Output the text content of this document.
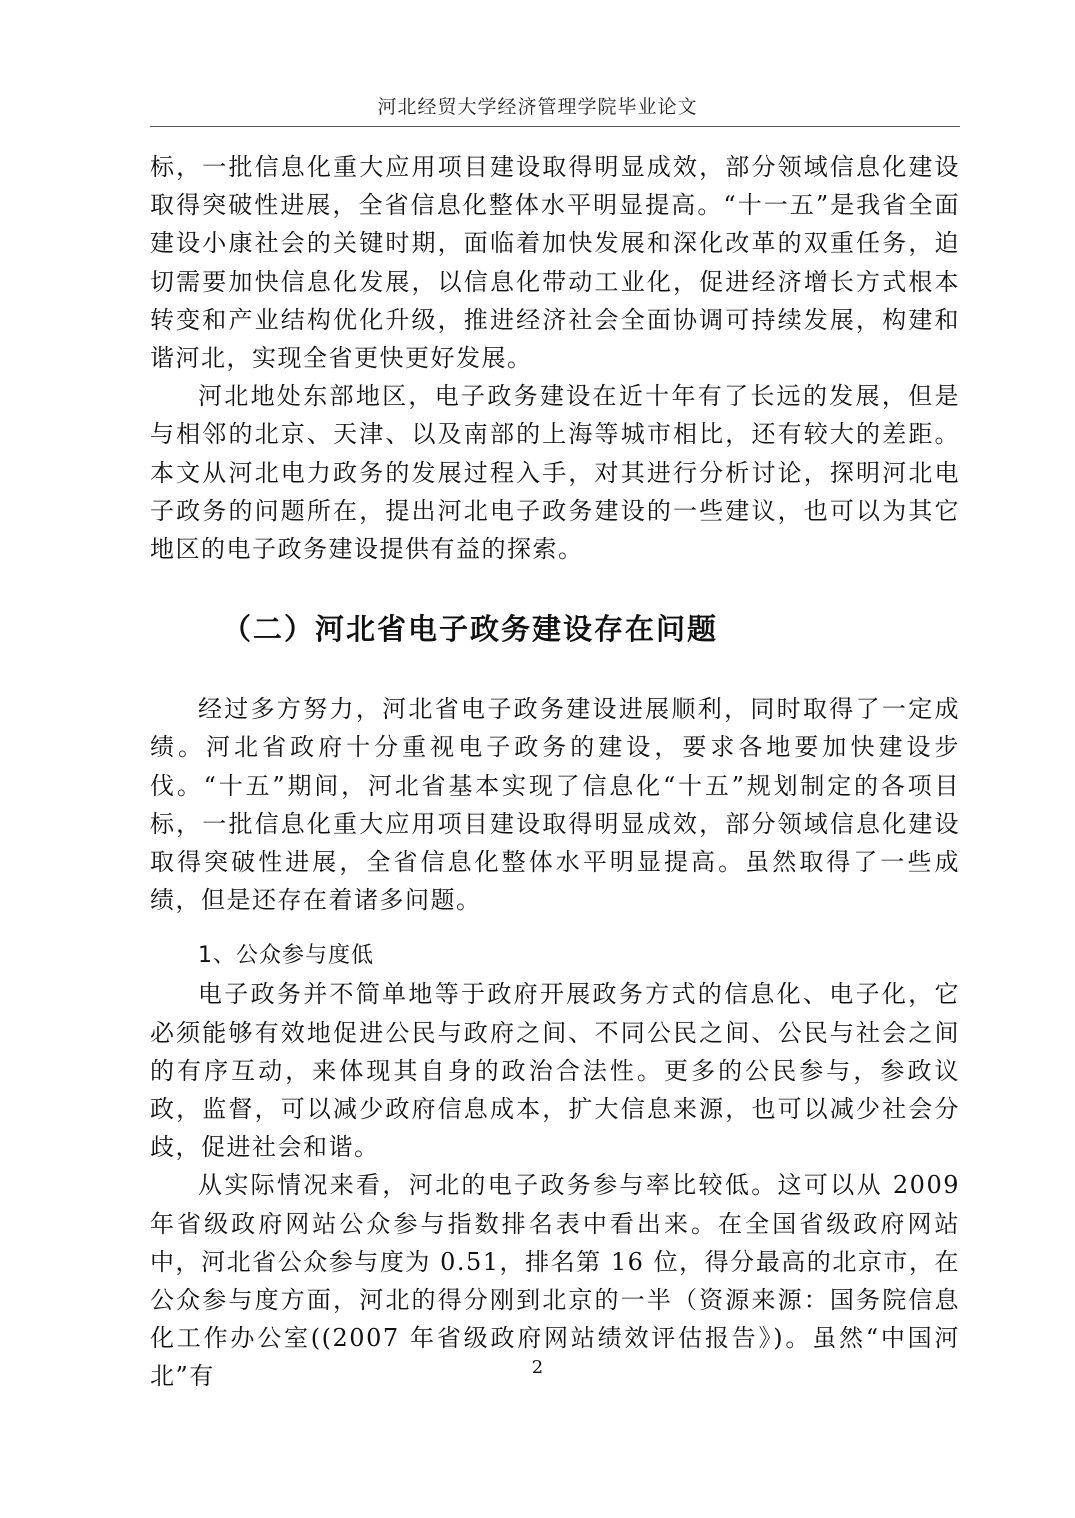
河北经贸大学经济管理学院毕业论文

标，一批信息化重大应用项目建设取得明显成效，部分领域信息化建设取得突破性进展，全省信息化整体水平明显提高。“十一五”是我省全面建设小康社会的关键时期，面临着加快发展和深化改革的双重任务，迫切需要加快信息化发展，以信息化带动工业化，促进经济增长方式根本转变和产业结构优化升级，推进经济社会全面协调可持续发展，构建和谐河北，实现全省更快更好发展。

河北地处东部地区，电子政务建设在近十年有了长远的发展，但是与相邻的北京、天津、以及南部的上海等城市相比，还有较大的差距。本文从河北电力政务的发展过程入手，对其进行分析讨论，探明河北电子政务的问题所在，提出河北电子政务建设的一些建议，也可以为其它地区的电子政务建设提供有益的探索。

（二）河北省电子政务建设存在问题

经过多方努力，河北省电子政务建设进展顺利，同时取得了一定成绩。河北省政府十分重视电子政务的建设，要求各地要加快建设步伐。“十五”期间，河北省基本实现了信息化“十五”规划制定的各项目标，一批信息化重大应用项目建设取得明显成效，部分领域信息化建设取得突破性进展，全省信息化整体水平明显提高。虽然取得了一些成绩，但是还存在着诸多问题。

1、公众参与度低

电子政务并不简单地等于政府开展政务方式的信息化、电子化，它必须能够有效地促进公民与政府之间、不同公民之间、公民与社会之间的有序互动，来体现其自身的政治合法性。更多的公民参与，参政议政，监督，可以减少政府信息成本，扩大信息来源，也可以减少社会分歧，促进社会和谐。

从实际情况来看，河北的电子政务参与率比较低。这可以从 2009 年省级政府网站公众参与指数排名表中看出来。在全国省级政府网站中，河北省公众参与度为 0.51，排名第 16 位，得分最高的北京市，在公众参与度方面，河北的得分刚到北京的一半（资源来源：国务院信息化工作办公室((2007 年省级政府网站绩效评估报告》)。虽然“中国河北”有	2
